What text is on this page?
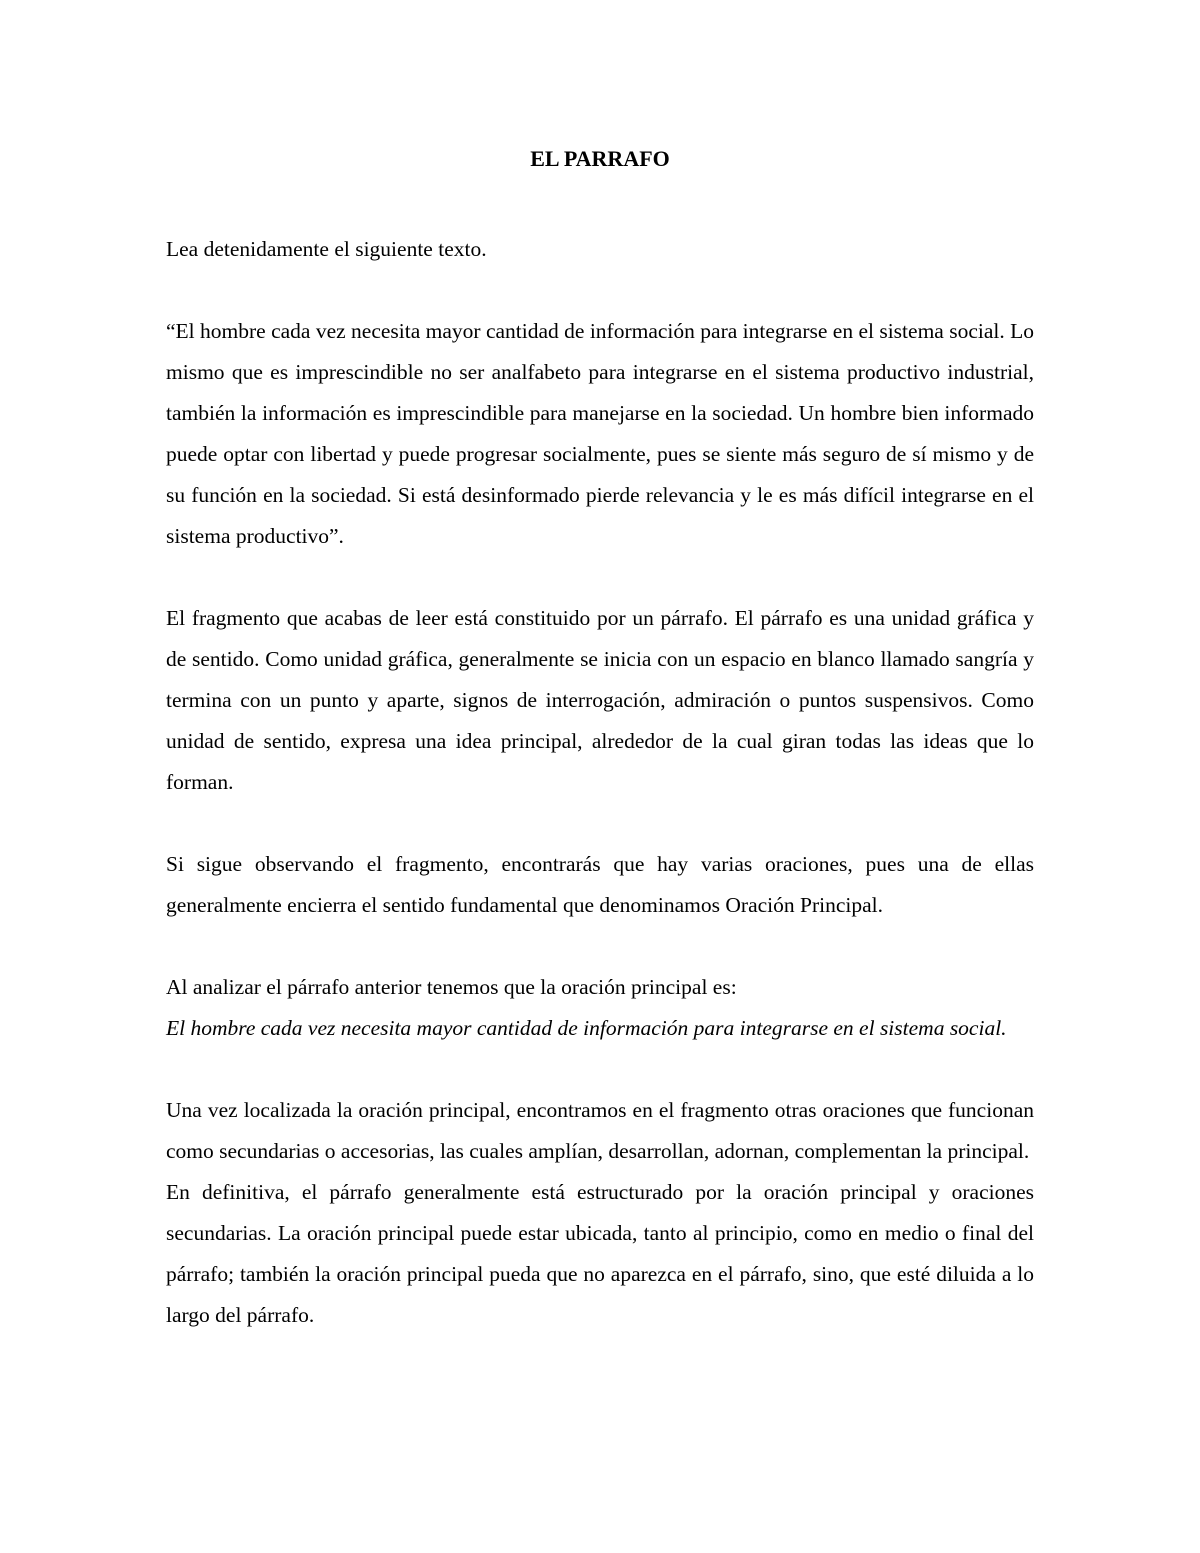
EL PARRAFO

Lea detenidamente el siguiente texto.

“El hombre cada vez necesita mayor cantidad de información para integrarse en el sistema social. Lo mismo que es imprescindible no ser analfabeto para integrarse en el sistema productivo industrial, también la información es imprescindible para manejarse en la sociedad. Un hombre bien informado puede optar con libertad y puede progresar socialmente, pues se siente más seguro de sí mismo y de su función en la sociedad. Si está desinformado pierde relevancia y le es más difícil integrarse en el sistema productivo”.

El fragmento que acabas de leer está constituido por un párrafo. El párrafo es una unidad gráfica y de sentido. Como unidad gráfica, generalmente se inicia con un espacio en blanco llamado sangría y termina con un punto y aparte, signos de interrogación, admiración o puntos suspensivos. Como unidad de sentido, expresa una idea principal, alrededor de la cual giran todas las ideas que lo forman.

Si sigue observando el fragmento, encontrarás que hay varias oraciones, pues una de ellas generalmente encierra el sentido fundamental que denominamos Oración Principal.

Al analizar el párrafo anterior tenemos que la oración principal es:

El hombre cada vez necesita mayor cantidad de información para integrarse en el sistema social.

Una vez localizada la oración principal, encontramos en el fragmento otras oraciones que funcionan como secundarias o accesorias, las cuales amplían, desarrollan, adornan, complementan la principal.

En definitiva, el párrafo generalmente está estructurado por la oración principal y oraciones secundarias. La oración principal puede estar ubicada, tanto al principio, como en medio o final del párrafo; también la oración principal pueda que no aparezca en el párrafo, sino, que esté diluida a lo largo del párrafo.
